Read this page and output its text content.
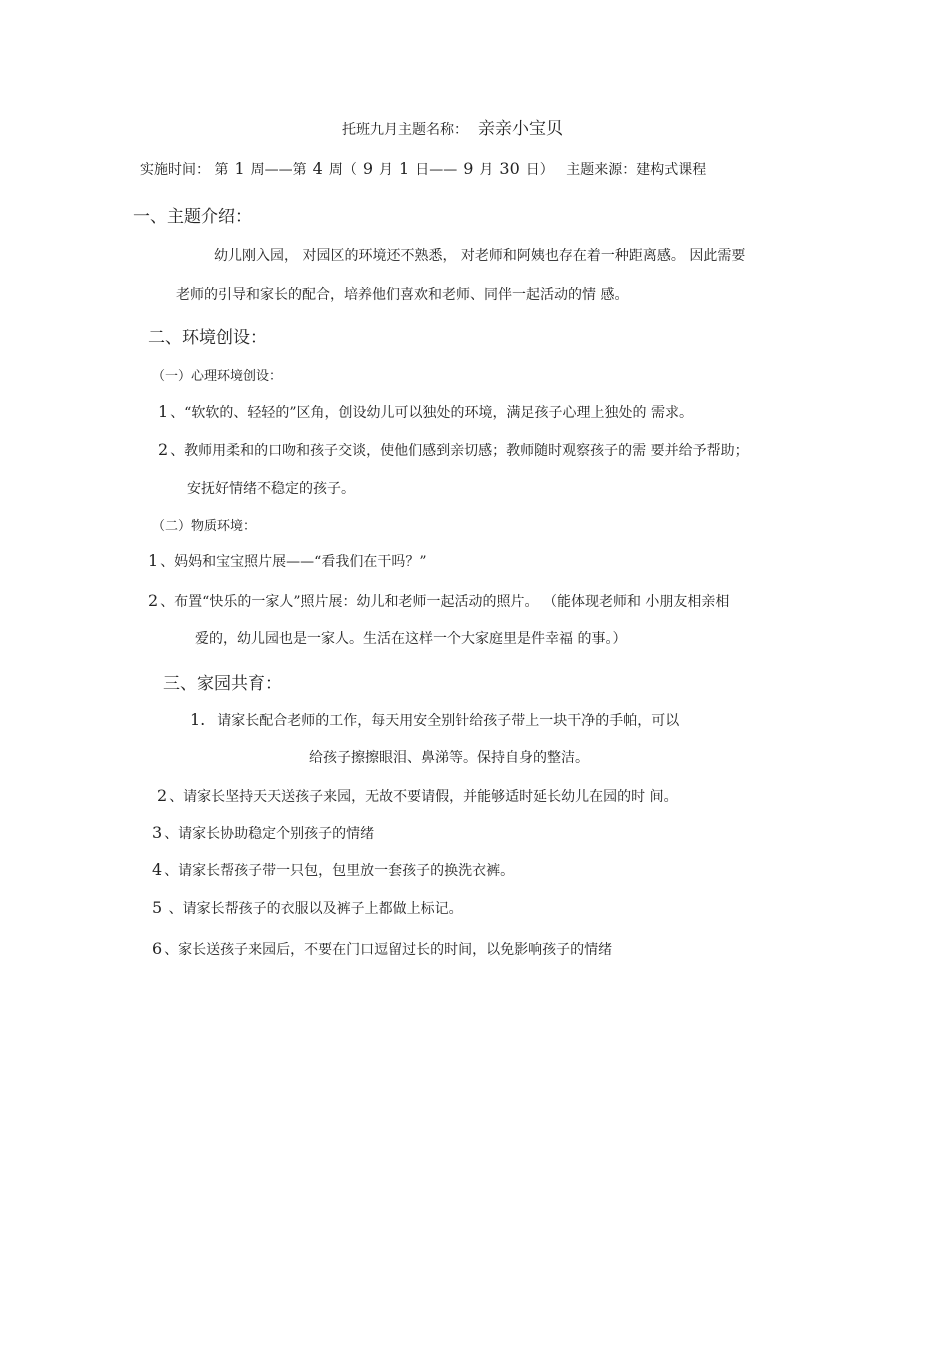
托班九月主题名称： 亲亲小宝贝
实施时间： 第 1 周——第 4 周（ 9 月 1 日—— 9 月 30 日） 主题来源：建构式课程
一、主题介绍：
幼儿刚入园， 对园区的环境还不熟悉， 对老师和阿姨也存在着一种距离感。 因此需要
老师的引导和家长的配合，培养他们喜欢和老师、同伴一起活动的情 感。
二、环境创设：
（一）心理环境创设：
1 、“软软的、轻轻的”区角，创设幼儿可以独处的环境，满足孩子心理上独处的 需求。
2 、教师用柔和的口吻和孩子交谈，使他们感到亲切感；教师随时观察孩子的需 要并给予帮助；
安抚好情绪不稳定的孩子。
（二）物质环境：
1 、妈妈和宝宝照片展——“看我们在干吗？”
2 、布置“快乐的一家人”照片展：幼儿和老师一起活动的照片。 （能体现老师和 小朋友相亲相
爱的，幼儿园也是一家人。生活在这样一个大家庭里是件幸福 的事。）
三、家园共育：
1. 请家长配合老师的工作，每天用安全别针给孩子带上一块干净的手帕，可以
给孩子擦擦眼泪、鼻涕等。保持自身的整洁。
2 、请家长坚持天天送孩子来园，无故不要请假，并能够适时延长幼儿在园的时 间。
3 、请家长协助稳定个别孩子的情绪
4 、请家长帮孩子带一只包，包里放一套孩子的换洗衣裤。
5 、请家长帮孩子的衣服以及裤子上都做上标记。
6 、家长送孩子来园后，不要在门口逗留过长的时间，以免影响孩子的情绪
